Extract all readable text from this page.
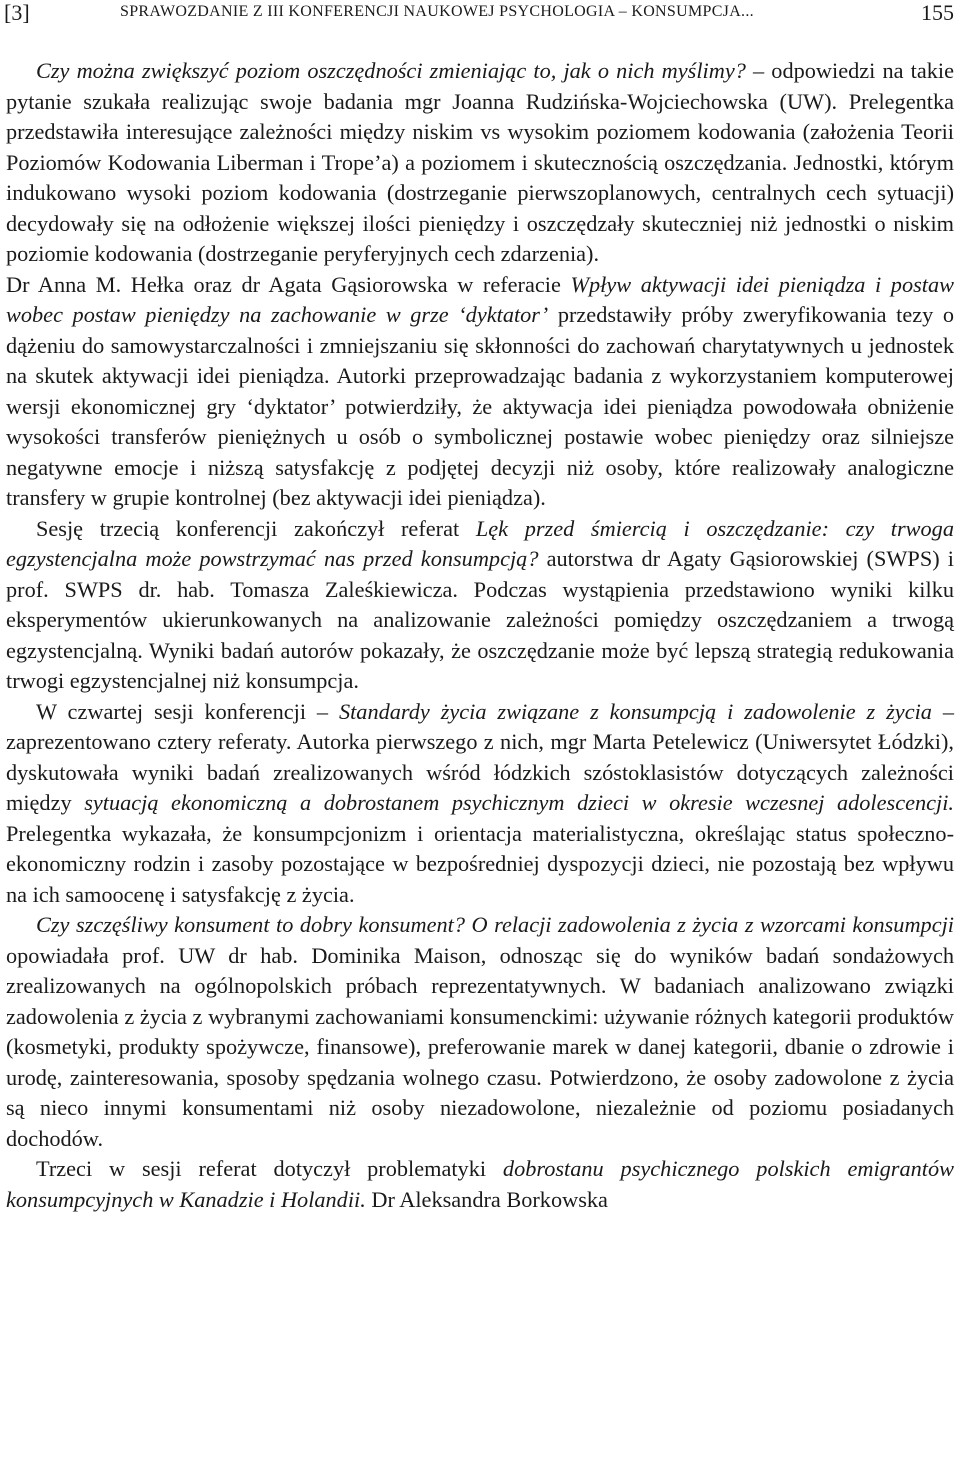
[3]	SPRAWOZDANIE Z III KONFERENCJI NAUKOWEJ PSYCHOLOGIA – KONSUMPCJA...	155

Czy można zwiększyć poziom oszczędności zmieniając to, jak o nich myślimy? – odpowiedzi na takie pytanie szukała realizując swoje badania mgr Joanna Rudzińska-Wojciechowska (UW). Prelegentka przedstawiła interesujące zależności między niskim vs wysokim poziomem kodowania (założenia Teorii Poziomów Kodowania Liberman i Trope’a) a poziomem i skutecznością oszczędzania. Jednostki, którym indukowano wysoki poziom kodowania (dostrzeganie pierwszoplanowych, centralnych cech sytuacji) decydowały się na odłożenie większej ilości pieniędzy i oszczędzały skuteczniej niż jednostki o niskim poziomie kodowania (dostrzeganie peryferyjnych cech zdarzenia).

Dr Anna M. Hełka oraz dr Agata Gąsiorowska w referacie Wpływ aktywacji idei pieniądza i postaw wobec postaw pieniędzy na zachowanie w grze ‘dyktator’ przedstawiły próby zweryfikowania tezy o dążeniu do samowystarczalności i zmniejszaniu się skłonności do zachowań charytatywnych u jednostek na skutek aktywacji idei pieniądza. Autorki przeprowadzając badania z wykorzystaniem komputerowej wersji ekonomicznej gry ‘dyktator’ potwierdziły, że aktywacja idei pieniądza powodowała obniżenie wysokości transferów pieniężnych u osób o symbolicznej postawie wobec pieniędzy oraz silniejsze negatywne emocje i niższą satysfakcję z podjętej decyzji niż osoby, które realizowały analogiczne transfery w grupie kontrolnej (bez aktywacji idei pieniądza).

Sesję trzecią konferencji zakończył referat Lęk przed śmiercią i oszczędzanie: czy trwoga egzystencjalna może powstrzymać nas przed konsumpcją? autorstwa dr Agaty Gąsiorowskiej (SWPS) i prof. SWPS dr. hab. Tomasza Zaleśkiewicza. Podczas wystąpienia przedstawiono wyniki kilku eksperymentów ukierunkowanych na analizowanie zależności pomiędzy oszczędzaniem a trwogą egzystencjalną. Wyniki badań autorów pokazały, że oszczędzanie może być lepszą strategią redukowania trwogi egzystencjalnej niż konsumpcja.

W czwartej sesji konferencji – Standardy życia związane z konsumpcją i zadowolenie z życia – zaprezentowano cztery referaty. Autorka pierwszego z nich, mgr Marta Petelewicz (Uniwersytet Łódzki), dyskutowała wyniki badań zrealizowanych wśród łódzkich szóstoklasistów dotyczących zależności między sytuacją ekonomiczną a dobrostanem psychicznym dzieci w okresie wczesnej adolescencji. Prelegentka wykazała, że konsumpcjonizm i orientacja materialistyczna, określając status społeczno-ekonomiczny rodzin i zasoby pozostające w bezpośredniej dyspozycji dzieci, nie pozostają bez wpływu na ich samoocenę i satysfakcję z życia.

Czy szczęśliwy konsument to dobry konsument? O relacji zadowolenia z życia z wzorcami konsumpcji opowiadała prof. UW dr hab. Dominika Maison, odnosząc się do wyników badań sondażowych zrealizowanych na ogólnopolskich próbach reprezentatywnych. W badaniach analizowano związki zadowolenia z życia z wybranymi zachowaniami konsumenckimi: używanie różnych kategorii produktów (kosmetyki, produkty spożywcze, finansowe), preferowanie marek w danej kategorii, dbanie o zdrowie i urodę, zainteresowania, sposoby spędzania wolnego czasu. Potwierdzono, że osoby zadowolone z życia są nieco innymi konsumentami niż osoby niezadowolone, niezależnie od poziomu posiadanych dochodów.

Trzeci w sesji referat dotyczył problematyki dobrostanu psychicznego polskich emigrantów konsumpcyjnych w Kanadzie i Holandii. Dr Aleksandra Borkowska
